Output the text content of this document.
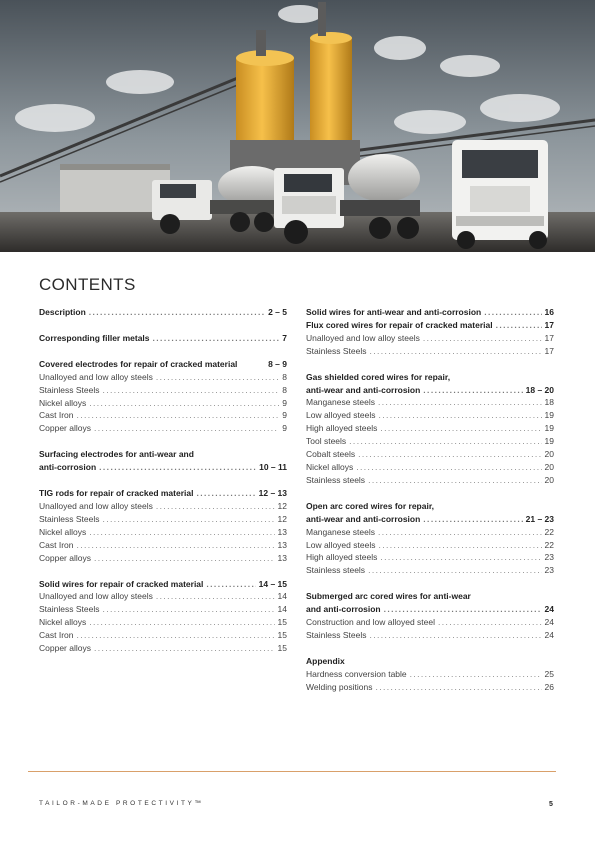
CONTENTS
Description .....	2 – 5
Corresponding filler metals .....	7
Covered electrodes for repair of cracked material	8 – 9
Unalloyed and low alloy steels .....	8
Stainless Steels .....	8
Nickel alloys .....	9
Cast Iron .....	9
Copper alloys .....	9
Surfacing electrodes for anti-wear and
anti-corrosion .....	10 – 11
TIG rods for repair of cracked material .....	12 – 13
Unalloyed and low alloy steels .....	12
Stainless Steels .....	12
Nickel alloys .....	13
Cast Iron .....	13
Copper alloys .....	13
Solid wires for repair of cracked material .....	14 – 15
Unalloyed and low alloy steels .....	14
Stainless Steels .....	14
Nickel alloys .....	15
Cast Iron .....	15
Copper alloys .....	15
Solid wires for anti-wear and anti-corrosion .....	16
Flux cored wires for repair of cracked material .....	17
Unalloyed and low alloy steels .....	17
Stainless Steels .....	17
Gas shielded cored wires for repair,
anti-wear and anti-corrosion .....	18 – 20
Manganese steels .....	18
Low alloyed steels .....	19
High alloyed steels .....	19
Tool steels .....	19
Cobalt steels .....	20
Nickel alloys .....	20
Stainless steels .....	20
Open arc cored wires for repair,
anti-wear and anti-corrosion .....	21 – 23
Manganese steels .....	22
Low alloyed steels .....	22
High alloyed steels .....	23
Stainless steels .....	23
Submerged arc cored wires for anti-wear
and anti-corrosion .....	24
Construction and low alloyed steel .....	24
Stainless Steels .....	24
Appendix
Hardness conversion table .....	25
Welding positions .....	26
TAILOR-MADE PROTECTIVITY™	5
